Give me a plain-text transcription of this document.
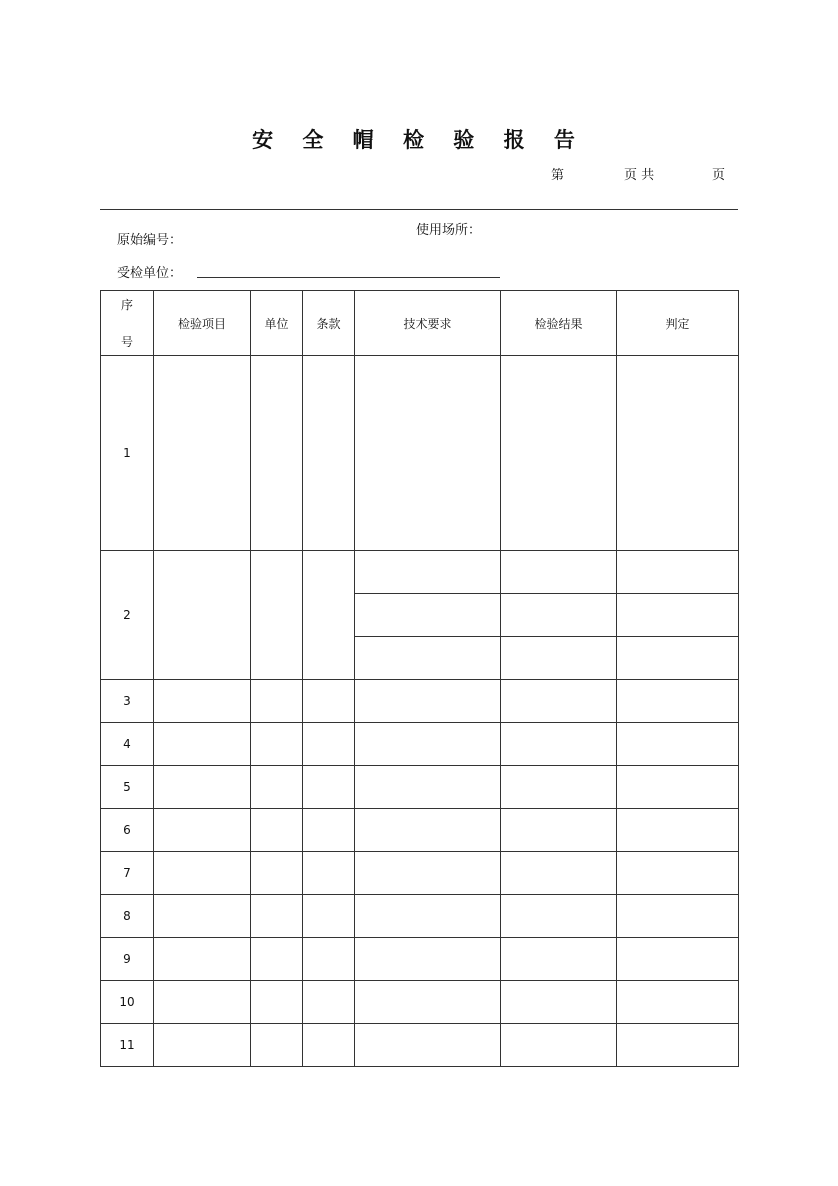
安 全 帽 检 验 报 告
第	页 共	页
使用场所：
原始编号：
受检单位：
序
号	检验项目	单位	条款	技术要求	检验结果	判定
1						
2						

3						
4						
5						
6						
7						
8						
9						
10						
11						
